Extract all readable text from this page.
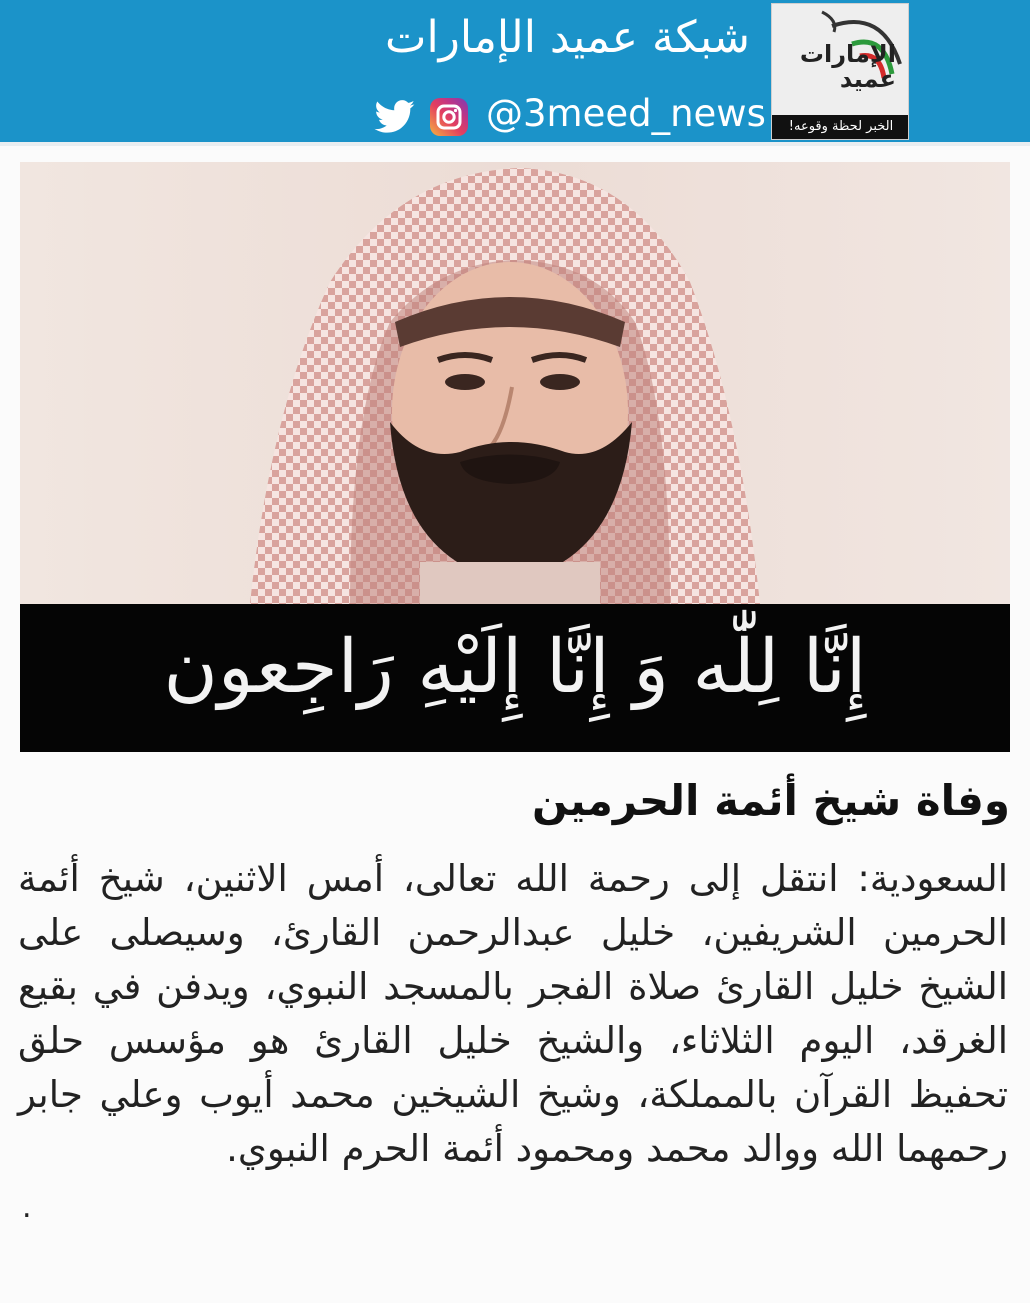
شبكة عميد الإمارات
@3meed_news
الإمارات
عميد
الخبر لحظة وقوعه!
إِنَّا لِلّٰه وَ إِنَّا إِلَيْهِ رَاجِعون
وفاة شيخ أئمة الحرمين
السعودية: انتقل إلى رحمة الله تعالى، أمس الاثنين، شيخ أئمة الحرمين الشريفين، خليل عبدالرحمن القارئ، وسيصلى على الشيخ خليل القارئ صلاة الفجر بالمسجد النبوي، ويدفن في بقيع الغرقد، اليوم الثلاثاء، والشيخ خليل القارئ هو مؤسس حلق تحفيظ القرآن بالمملكة، وشيخ الشيخين محمد أيوب وعلي جابر رحمهما الله ووالد محمد ومحمود أئمة الحرم النبوي.
.
